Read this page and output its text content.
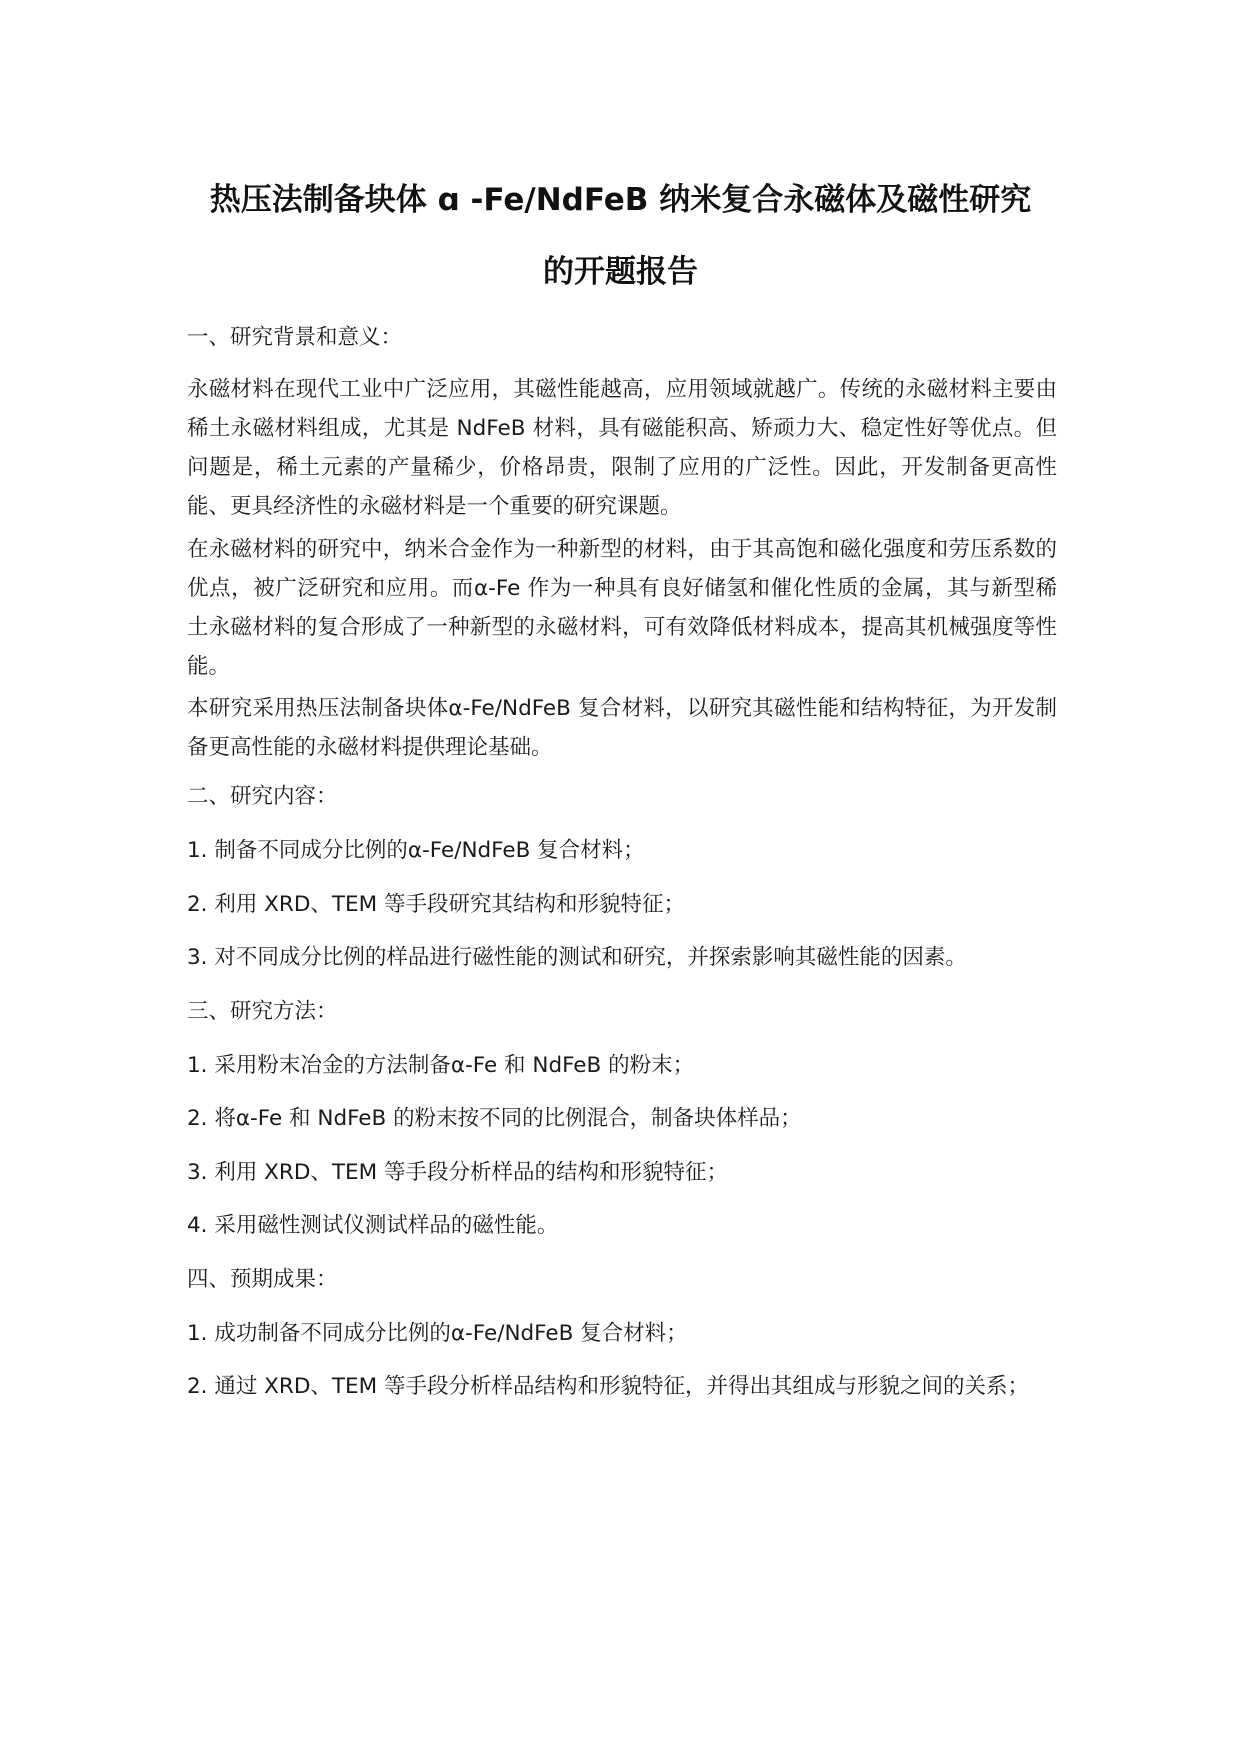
热压法制备块体 ɑ -Fe/NdFeB 纳米复合永磁体及磁性研究
的开题报告

一、研究背景和意义：

永磁材料在现代工业中广泛应用，其磁性能越高，应用领域就越广。传统的永磁材料主要由稀土永磁材料组成，尤其是 NdFeB 材料，具有磁能积高、矫顽力大、稳定性好等优点。但问题是，稀土元素的产量稀少，价格昂贵，限制了应用的广泛性。因此，开发制备更高性能、更具经济性的永磁材料是一个重要的研究课题。

在永磁材料的研究中，纳米合金作为一种新型的材料，由于其高饱和磁化强度和劳压系数的优点，被广泛研究和应用。而α-Fe 作为一种具有良好储氢和催化性质的金属，其与新型稀土永磁材料的复合形成了一种新型的永磁材料，可有效降低材料成本，提高其机械强度等性能。

本研究采用热压法制备块体α-Fe/NdFeB 复合材料，以研究其磁性能和结构特征，为开发制备更高性能的永磁材料提供理论基础。

二、研究内容：

1. 制备不同成分比例的α-Fe/NdFeB 复合材料；

2. 利用 XRD、TEM 等手段研究其结构和形貌特征；

3. 对不同成分比例的样品进行磁性能的测试和研究，并探索影响其磁性能的因素。

三、研究方法：

1. 采用粉末冶金的方法制备α-Fe 和 NdFeB 的粉末；

2. 将α-Fe 和 NdFeB 的粉末按不同的比例混合，制备块体样品；

3. 利用 XRD、TEM 等手段分析样品的结构和形貌特征；

4. 采用磁性测试仪测试样品的磁性能。

四、预期成果：

1. 成功制备不同成分比例的α-Fe/NdFeB 复合材料；

2. 通过 XRD、TEM 等手段分析样品结构和形貌特征，并得出其组成与形貌之间的关系；
